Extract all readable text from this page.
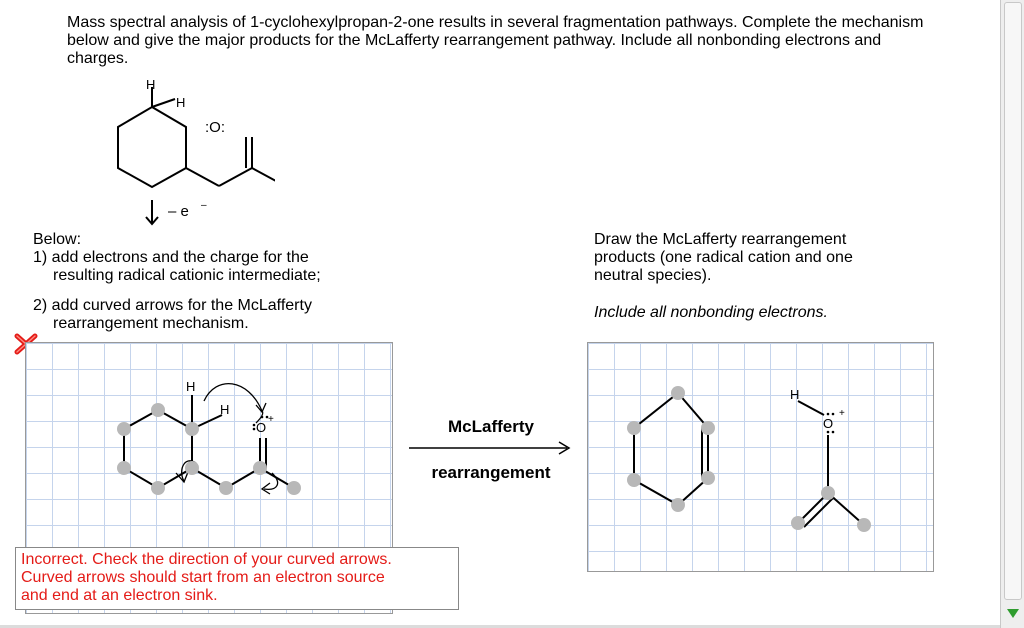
Mass spectral analysis of 1-cyclohexylpropan-2-one results in several fragmentation pathways. Complete the mechanism below and give the major products for the McLafferty rearrangement pathway. Include all nonbonding electrons and charges.
H
H
:O:
– e –

Below:

1) add electrons and the charge for the

resulting radical cationic intermediate;

2) add curved arrows for the McLafferty

rearrangement mechanism.

Draw the McLafferty rearrangement

products (one radical cation and one

neutral species).

Include all nonbonding electrons.

H
H
O
+	McLafferty
rearrangement
H
O
+
Incorrect. Check the direction of your curved arrows.
Curved arrows should start from an electron source
and end at an electron sink.
